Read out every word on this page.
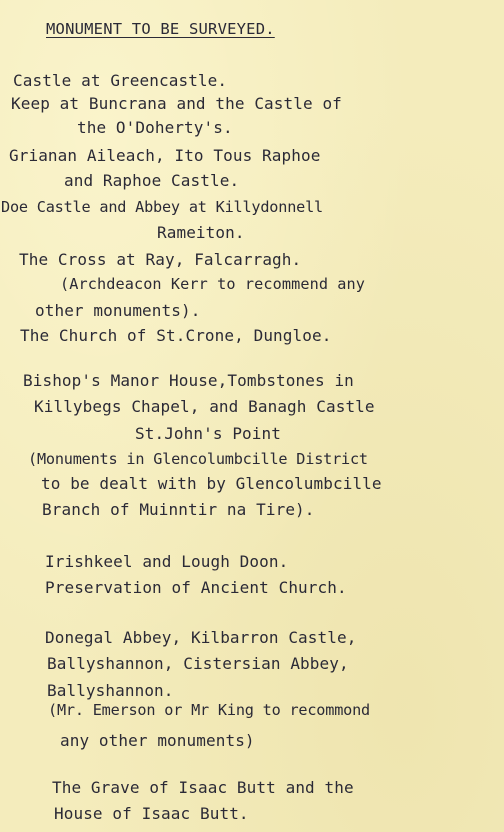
MONUMENT TO BE SURVEYED.
Castle at Greencastle.
Keep at Buncrana and the Castle of
the O'Doherty's.
Grianan Aileach, Ito Tous Raphoe
and Raphoe Castle.
Doe Castle and Abbey at Killydonnell
Rameiton.
The Cross at Ray, Falcarragh.
(Archdeacon Kerr to recommend any
other monuments).
The Church of St.Crone, Dungloe.
Bishop's Manor House,Tombstones in
Killybegs Chapel, and Banagh Castle
St.John's Point
(Monuments in Glencolumbcille District
to be dealt with by Glencolumbcille
Branch of Muinntir na Tire).
Irishkeel and Lough Doon.
Preservation of Ancient Church.
Donegal Abbey, Kilbarron Castle,
Ballyshannon, Cistersian Abbey,
Ballyshannon.
(Mr. Emerson or Mr King to recommond
any other monuments)
The Grave of Isaac Butt and the
House of Isaac Butt.
